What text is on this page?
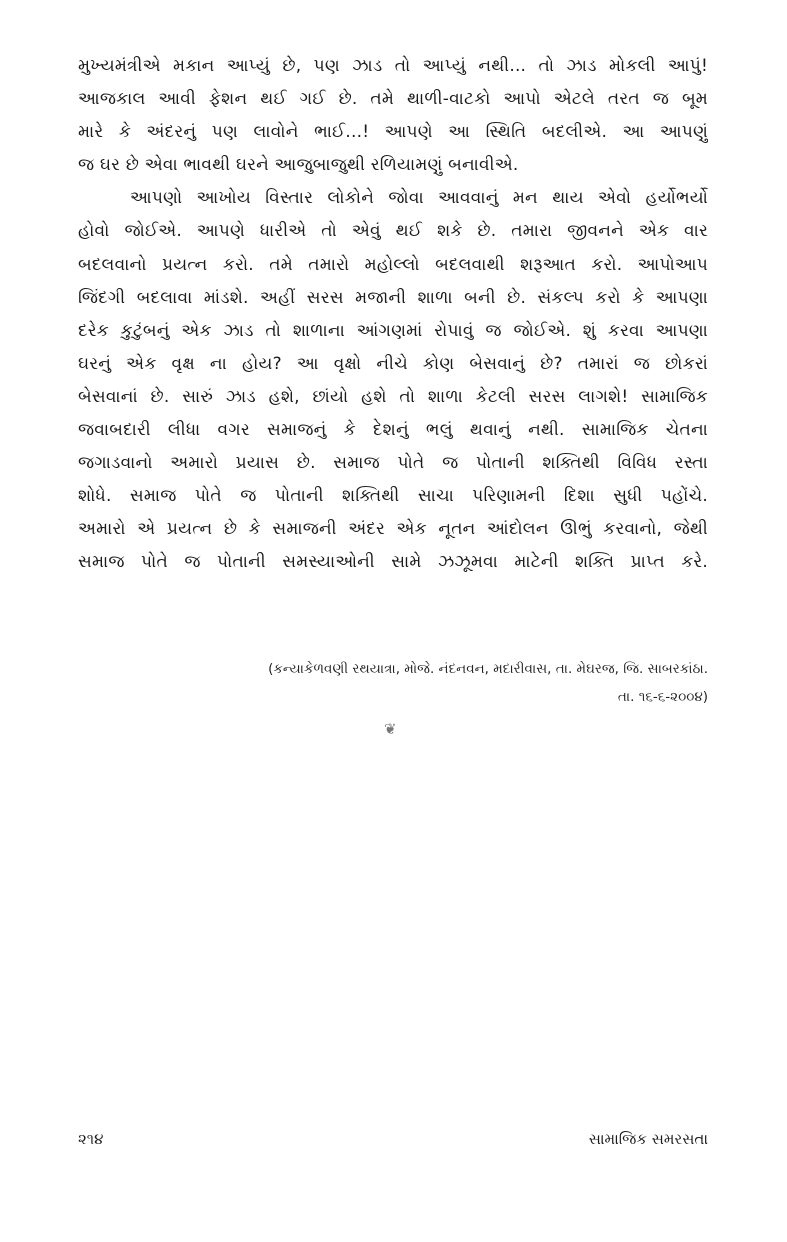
મુખ્યમંત્રીએ મકાન આપ્યું છે, પણ ઝાડ તો આપ્યું નથી... તો ઝાડ મોકલી આપું!
આજકાલ આવી ફેશન થઈ ગઈ છે. તમે થાળી-વાટકો આપો એટલે તરત જ બૂમ
મારે કે અંદરનું પણ લાવોને ભાઈ...! આપણે આ સ્થિતિ બદલીએ. આ આપણું
જ ઘર છે એવા ભાવથી ઘરને આજુબાજુથી રળિયામણું બનાવીએ.
આપણો આખોય વિસ્તાર લોકોને જોવા આવવાનું મન થાય એવો હર્યોભર્યો
હોવો જોઈએ. આપણે ધારીએ તો એવું થઈ શકે છે. તમારા જીવનને એક વાર
બદલવાનો પ્રયત્ન કરો. તમે તમારો મહોલ્લો બદલવાથી શરૂઆત કરો. આપોઆપ
જિંદગી બદલાવા માંડશે. અહીં સરસ મજાની શાળા બની છે. સંકલ્પ કરો કે આપણા
દરેક કુટુંબનું એક ઝાડ તો શાળાના આંગણમાં રોપાવું જ જોઈએ. શું કરવા આપણા
ઘરનું એક વૃક્ષ ના હોય? આ વૃક્ષો નીચે કોણ બેસવાનું છે? તમારાં જ છોકરાં
બેસવાનાં છે. સારું ઝાડ હશે, છાંયો હશે તો શાળા કેટલી સરસ લાગશે! સામાજિક
જવાબદારી લીધા વગર સમાજનું કે દેશનું ભલું થવાનું નથી. સામાજિક ચેતના
જગાડવાનો અમારો પ્રયાસ છે. સમાજ પોતે જ પોતાની શક્તિથી વિવિધ રસ્તા
શોધે. સમાજ પોતે જ પોતાની શક્તિથી સાચા પરિણામની દિશા સુધી પહોંચે.
અમારો એ પ્રયત્ન છે કે સમાજની અંદર એક નૂતન આંદોલન ઊભું કરવાનો, જેથી
સમાજ પોતે જ પોતાની સમસ્યાઓની સામે ઝઝૂમવા માટેની શક્તિ પ્રાપ્ત કરે.
(કન્યાકેળવણી રથયાત્રા, મોજે. નંદનવન, મદારીવાસ, તા. મેઘરજ, જિ. સાબરકાંઠા.
તા. ૧૬-૬-૨૦૦૪)
❦
૨૧૪	સામાજિક સમરસતા
